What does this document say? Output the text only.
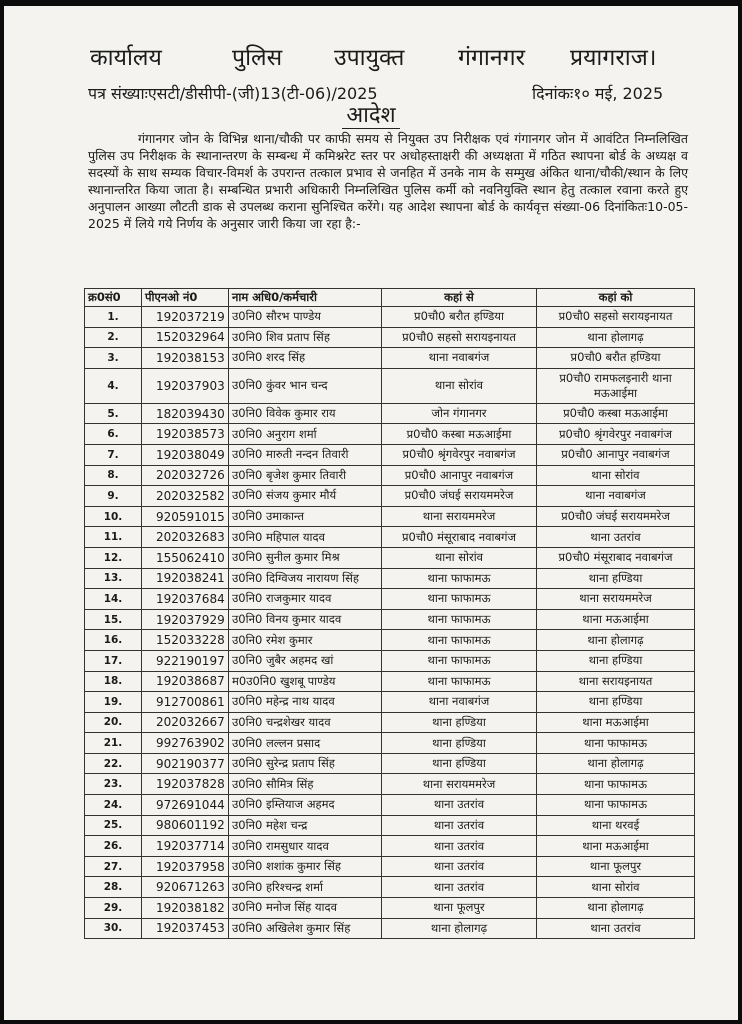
कार्यालय	पुलिस उपायुक्त गंगानगर प्रयागराज।
पत्र संख्याःएसटी/डीसीपी-(जी)13(टी-06)/2025	दिनांकः१० मई, 2025
आदेश
गंगानगर जोन के विभिन्न थाना/चौकी पर काफी समय से नियुक्त उप निरीक्षक एवं गंगानगर जोन में आवंटित निम्नलिखित पुलिस उप निरीक्षक के स्थानान्तरण के सम्बन्ध में कमिश्नरेट स्तर पर अधोहस्ताक्षरी की अध्यक्षता में गठित स्थापना बोर्ड के अध्यक्ष व सदस्यों के साथ सम्यक विचार-विमर्श के उपरान्त तत्काल प्रभाव से जनहित में उनके नाम के सम्मुख अंकित थाना/चौकी/स्थान के लिए स्थानान्तरित किया जाता है। सम्बन्धित प्रभारी अधिकारी निम्नलिखित पुलिस कर्मी को नवनियुक्ति स्थान हेतु तत्काल रवाना करते हुए अनुपालन आख्या लौटती डाक से उपलब्ध कराना सुनिश्चित करेंगे। यह आदेश स्थापना बोर्ड के कार्यवृत्त संख्या-06 दिनांकितः10-05-2025 में लिये गये निर्णय के अनुसार जारी किया जा रहा है:-
क्र0सं0	पीएनओ नं0	नाम अधि0/कर्मचारी	कहां से	कहां को
1.	192037219	उ0नि0 सौरभ पाण्डेय	प्र0चौ0 बरौत हण्डिया	प्र0चौ0 सहसो सरायइनायत
2.	152032964	उ0नि0 शिव प्रताप सिंह	प्र0चौ0 सहसो सरायइनायत	थाना होलागढ़
3.	192038153	उ0नि0 शरद सिंह	थाना नवाबगंज	प्र0चौ0 बरौत हण्डिया
4.	192037903	उ0नि0 कुंवर भान चन्द	थाना सोरांव	प्र0चौ0 रामफलइनारी थाना मऊआईमा
5.	182039430	उ0नि0 विवेक कुमार राय	जोन गंगानगर	प्र0चौ0 कस्बा मऊआईमा
6.	192038573	उ0नि0 अनुराग शर्मा	प्र0चौ0 कस्बा मऊआईमा	प्र0चौ0 श्रृंगवेरपुर नवाबगंज
7.	192038049	उ0नि0 मारुती नन्दन तिवारी	प्र0चौ0 श्रृंगवेरपुर नवाबगंज	प्र0चौ0 आनापुर नवाबगंज
8.	202032726	उ0नि0 बृजेश कुमार तिवारी	प्र0चौ0 आनापुर नवाबगंज	थाना सोरांव
9.	202032582	उ0नि0 संजय कुमार मौर्य	प्र0चौ0 जंघई सरायममरेज	थाना नवाबगंज
10.	920591015	उ0नि0 उमाकान्त	थाना सरायममरेज	प्र0चौ0 जंघई सरायममरेज
11.	202032683	उ0नि0 महिपाल यादव	प्र0चौ0 मंसूराबाद नवाबगंज	थाना उतरांव
12.	155062410	उ0नि0 सुनील कुमार मिश्र	थाना सोरांव	प्र0चौ0 मंसूराबाद नवाबगंज
13.	192038241	उ0नि0 दिग्विजय नारायण सिंह	थाना फाफामऊ	थाना हण्डिया
14.	192037684	उ0नि0 राजकुमार यादव	थाना फाफामऊ	थाना सरायममरेज
15.	192037929	उ0नि0 विनय कुमार यादव	थाना फाफामऊ	थाना मऊआईमा
16.	152033228	उ0नि0 रमेश कुमार	थाना फाफामऊ	थाना होलागढ़
17.	922190197	उ0नि0 जुबैर अहमद खां	थाना फाफामऊ	थाना हण्डिया
18.	192038687	म0उ0नि0 खुशबू पाण्डेय	थाना फाफामऊ	थाना सरायइनायत
19.	912700861	उ0नि0 महेन्द्र नाथ यादव	थाना नवाबगंज	थाना हण्डिया
20.	202032667	उ0नि0 चन्द्रशेखर यादव	थाना हण्डिया	थाना मऊआईमा
21.	992763902	उ0नि0 लल्लन प्रसाद	थाना हण्डिया	थाना फाफामऊ
22.	902190377	उ0नि0 सुरेन्द्र प्रताप सिंह	थाना हण्डिया	थाना होलागढ़
23.	192037828	उ0नि0 सौमित्र सिंह	थाना सरायममरेज	थाना फाफामऊ
24.	972691044	उ0नि0 इम्तियाज अहमद	थाना उतरांव	थाना फाफामऊ
25.	980601192	उ0नि0 महेश चन्द्र	थाना उतरांव	थाना थरवई
26.	192037714	उ0नि0 रामसुधार यादव	थाना उतरांव	थाना मऊआईमा
27.	192037958	उ0नि0 शशांक कुमार सिंह	थाना उतरांव	थाना फूलपुर
28.	920671263	उ0नि0 हरिश्चन्द्र शर्मा	थाना उतरांव	थाना सोरांव
29.	192038182	उ0नि0 मनोज सिंह यादव	थाना फूलपुर	थाना होलागढ़
30.	192037453	उ0नि0 अखिलेश कुमार सिंह	थाना होलागढ़	थाना उतरांव
